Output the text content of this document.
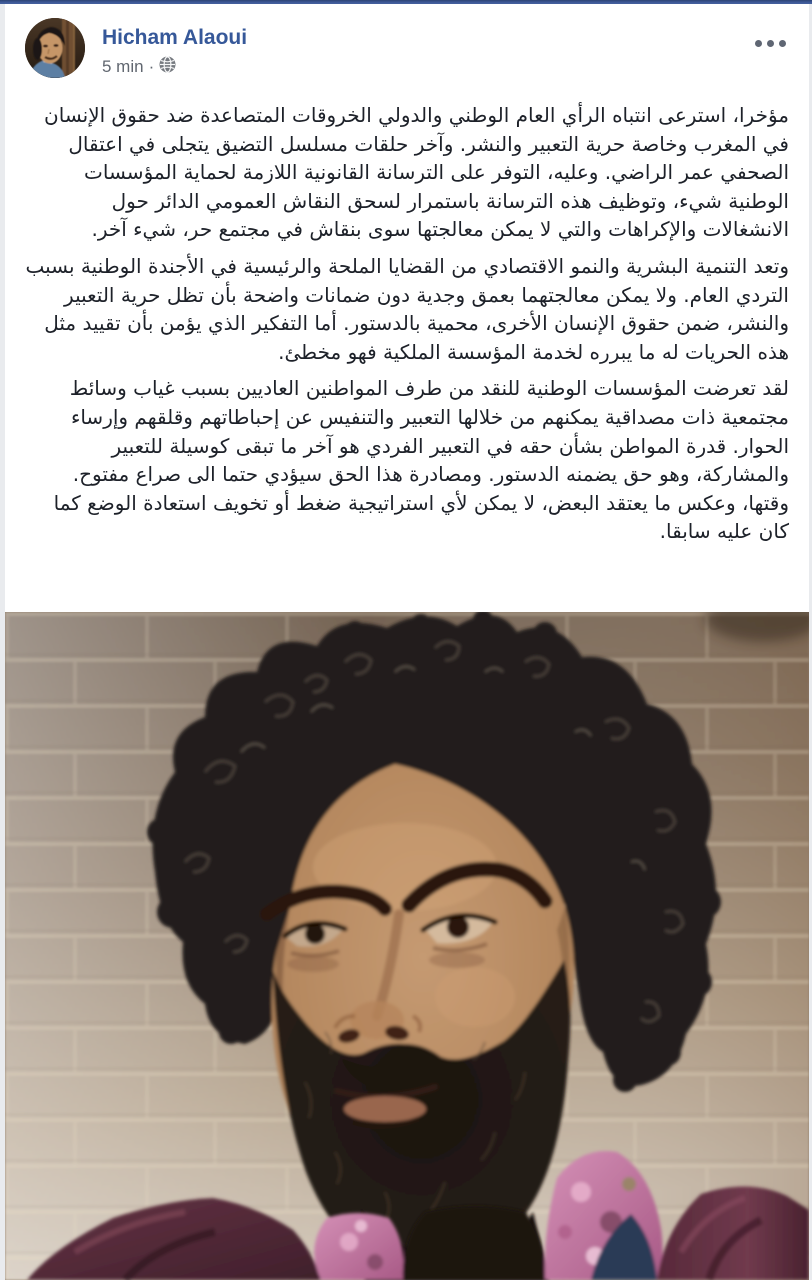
Hicham Alaoui
5 min ·

مؤخرا، استرعى انتباه الرأي العام الوطني والدولي الخروقات المتصاعدة ضد حقوق الإنسان في المغرب وخاصة حرية التعبير والنشر. وآخر حلقات مسلسل التضيق يتجلى في اعتقال الصحفي عمر الراضي. وعليه، التوفر على الترسانة القانونية اللازمة لحماية المؤسسات الوطنية شيء، وتوظيف هذه الترسانة باستمرار لسحق النقاش العمومي الدائر حول الانشغالات والإكراهات والتي لا يمكن معالجتها سوى بنقاش في مجتمع حر، شيء آخر.

وتعد التنمية البشرية والنمو الاقتصادي من القضايا الملحة والرئيسية في الأجندة الوطنية بسبب التردي العام. ولا يمكن معالجتهما بعمق وجدية دون ضمانات واضحة بأن تظل حرية التعبير والنشر، ضمن حقوق الإنسان الأخرى، محمية بالدستور. أما التفكير الذي يؤمن بأن تقييد مثل هذه الحريات له ما يبرره لخدمة المؤسسة الملكية فهو مخطئ.

لقد تعرضت المؤسسات الوطنية للنقد من طرف المواطنين العاديين بسبب غياب وسائط مجتمعية ذات مصداقية يمكنهم من خلالها التعبير والتنفيس عن إحباطاتهم وقلقهم وإرساء الحوار. قدرة المواطن بشأن حقه في التعبير الفردي هو آخر ما تبقى كوسيلة للتعبير والمشاركة، وهو حق يضمنه الدستور. ومصادرة هذا الحق سيؤدي حتما الى صراع مفتوح. وقتها، وعكس ما يعتقد البعض، لا يمكن لأي استراتيجية ضغط أو تخويف استعادة الوضع كما كان عليه سابقا.
